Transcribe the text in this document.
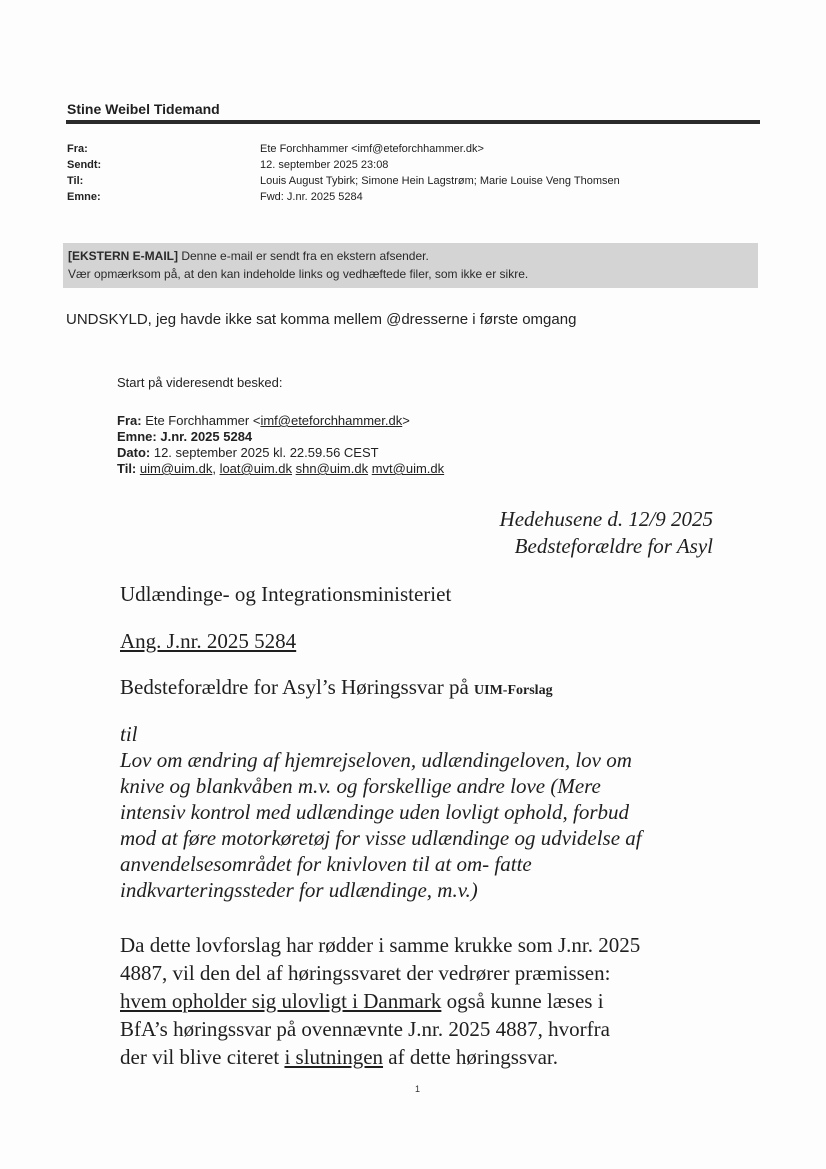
Stine Weibel Tidemand
Fra:	Ete Forchhammer <imf@eteforchhammer.dk>
Sendt:	12. september 2025 23:08
Til:	Louis August Tybirk; Simone Hein Lagstrøm; Marie Louise Veng Thomsen
Emne:	Fwd: J.nr. 2025 5284
[EKSTERN E-MAIL] Denne e-mail er sendt fra en ekstern afsender.
Vær opmærksom på, at den kan indeholde links og vedhæftede filer, som ikke er sikre.
UNDSKYLD, jeg havde ikke sat komma mellem @dresserne i første omgang
Start på videresendt besked:
Fra: Ete Forchhammer <imf@eteforchhammer.dk>
Emne: J.nr. 2025 5284
Dato: 12. september 2025 kl. 22.59.56 CEST
Til: uim@uim.dk, loat@uim.dk shn@uim.dk mvt@uim.dk
Hedehusene d. 12/9 2025
Bedsteforældre for Asyl
Udlændinge- og Integrationsministeriet
Ang. J.nr. 2025 5284
Bedsteforældre for Asyl’s Høringssvar på UIM-Forslag
til
Lov om ændring af hjemrejseloven, udlændingeloven, lov om
knive og blankvåben m.v. og forskellige andre love (Mere
intensiv kontrol med udlændinge uden lovligt ophold, forbud
mod at føre motorkøretøj for visse udlændinge og udvidelse af
anvendelsesområdet for knivloven til at om- fatte
indkvarteringssteder for udlændinge, m.v.)
Da dette lovforslag har rødder i samme krukke som J.nr. 2025
4887, vil den del af høringssvaret der vedrører præmissen:
hvem opholder sig ulovligt i Danmark også kunne læses i
BfA’s høringssvar på ovennævnte J.nr. 2025 4887, hvorfra
der vil blive citeret i slutningen af dette høringssvar.
1
